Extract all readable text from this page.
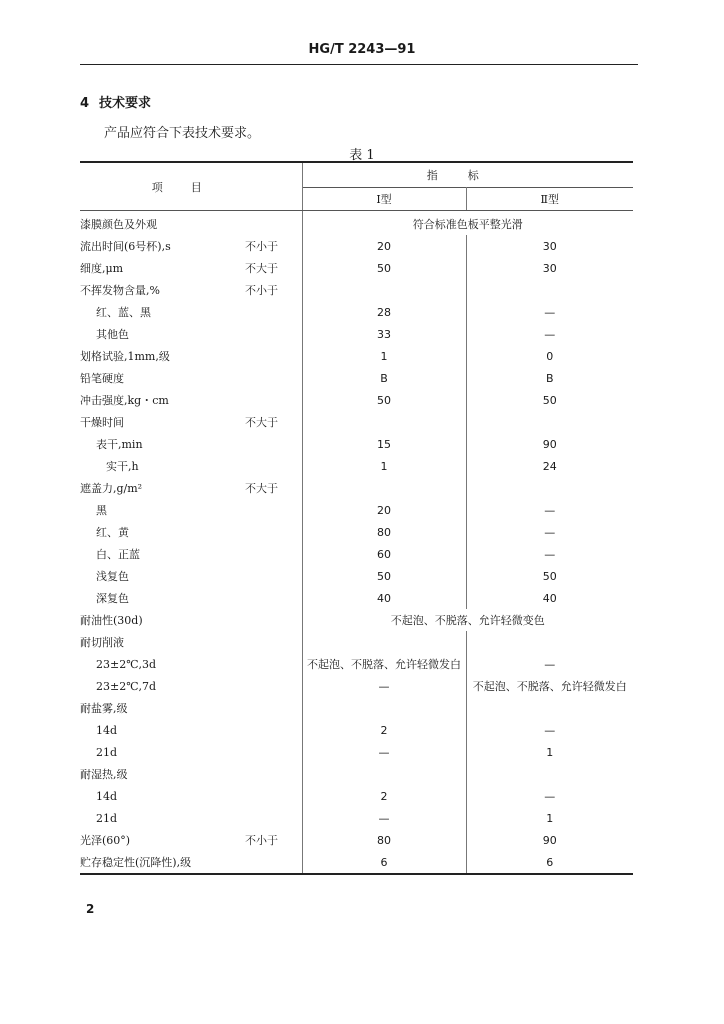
HG/T 2243—91
4 技术要求
产品应符合下表技术要求。
表 1
项目		指标	
		Ⅰ型	Ⅱ型
漆膜颜色及外观		符合标准色板平整光滑	
流出时间(6号杯),s	不小于	20	30
细度,μm	不大于	50	30
不挥发物含量,%	不小于		
红、蓝、黑		28	—
其他色		33	—
划格试验,1mm,级		1	0
铅笔硬度		B	B
冲击强度,kg・cm		50	50
干燥时间	不大于		
表干,min		15	90
实干,h		1	24
遮盖力,g/m²	不大于		
黑		20	—
红、黄		80	—
白、正蓝		60	—
浅复色		50	50
深复色		40	40
耐油性(30d)		不起泡、不脱落、允许轻微变色	
耐切削液			
23±2℃,3d		不起泡、不脱落、允许轻微发白	—
23±2℃,7d		—	不起泡、不脱落、允许轻微发白
耐盐雾,级			
14d		2	—
21d		—	1
耐湿热,级			
14d		2	—
21d		—	1
光泽(60°)	不小于	80	90
贮存稳定性(沉降性),级		6	6
2
